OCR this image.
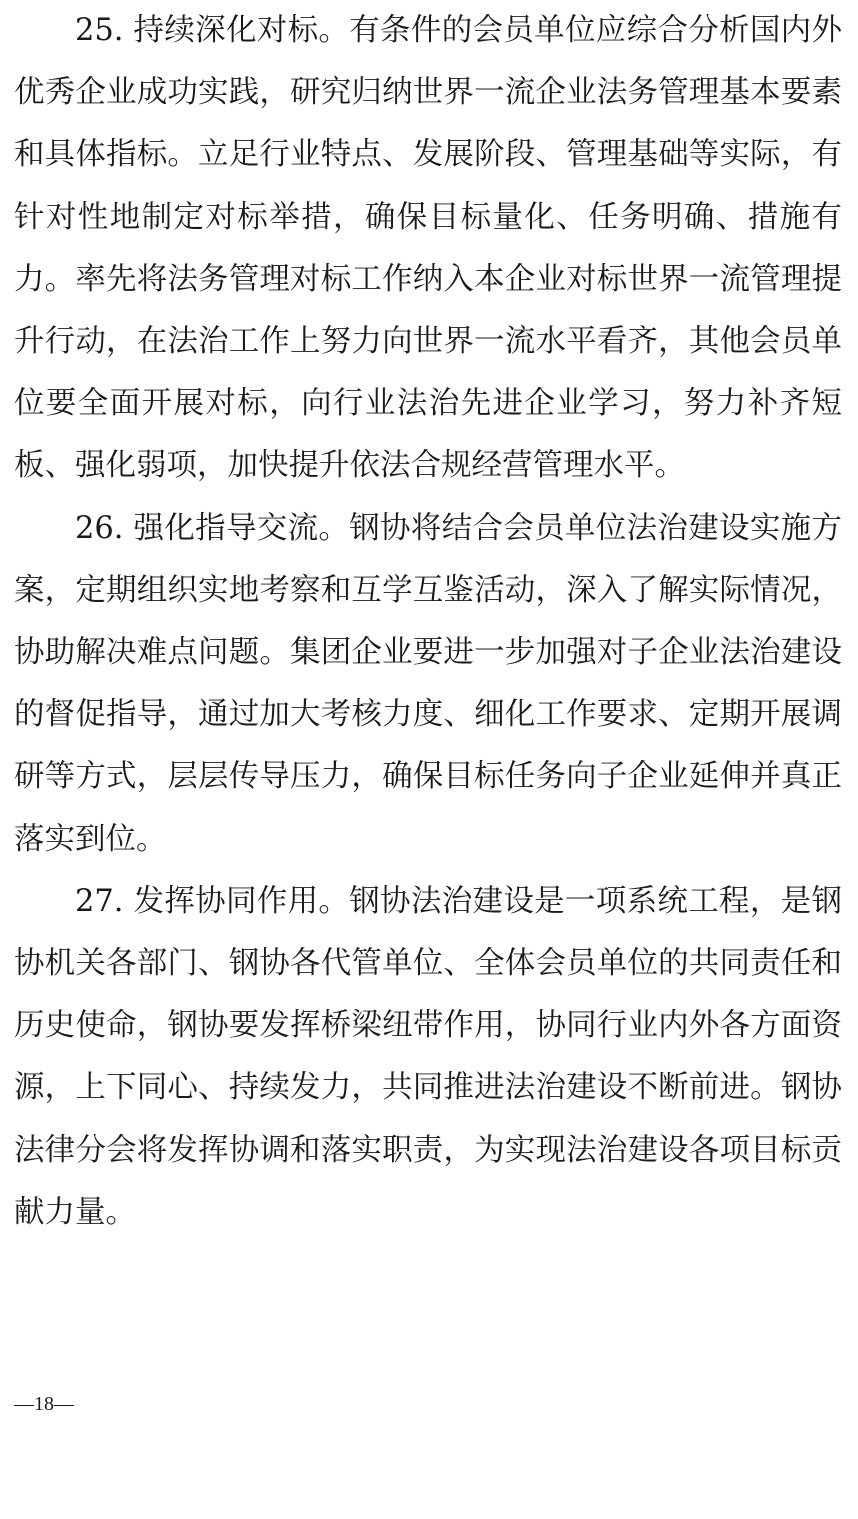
25. 持续深化对标。有条件的会员单位应综合分析国内外优秀企业成功实践，研究归纳世界一流企业法务管理基本要素和具体指标。立足行业特点、发展阶段、管理基础等实际，有针对性地制定对标举措，确保目标量化、任务明确、措施有力。率先将法务管理对标工作纳入本企业对标世界一流管理提升行动，在法治工作上努力向世界一流水平看齐，其他会员单位要全面开展对标，向行业法治先进企业学习，努力补齐短板、强化弱项，加快提升依法合规经营管理水平。

26. 强化指导交流。钢协将结合会员单位法治建设实施方案，定期组织实地考察和互学互鉴活动，深入了解实际情况，协助解决难点问题。集团企业要进一步加强对子企业法治建设的督促指导，通过加大考核力度、细化工作要求、定期开展调研等方式，层层传导压力，确保目标任务向子企业延伸并真正落实到位。

27. 发挥协同作用。钢协法治建设是一项系统工程，是钢协机关各部门、钢协各代管单位、全体会员单位的共同责任和历史使命，钢协要发挥桥梁纽带作用，协同行业内外各方面资源，上下同心、持续发力，共同推进法治建设不断前进。钢协法律分会将发挥协调和落实职责，为实现法治建设各项目标贡献力量。

—18—
